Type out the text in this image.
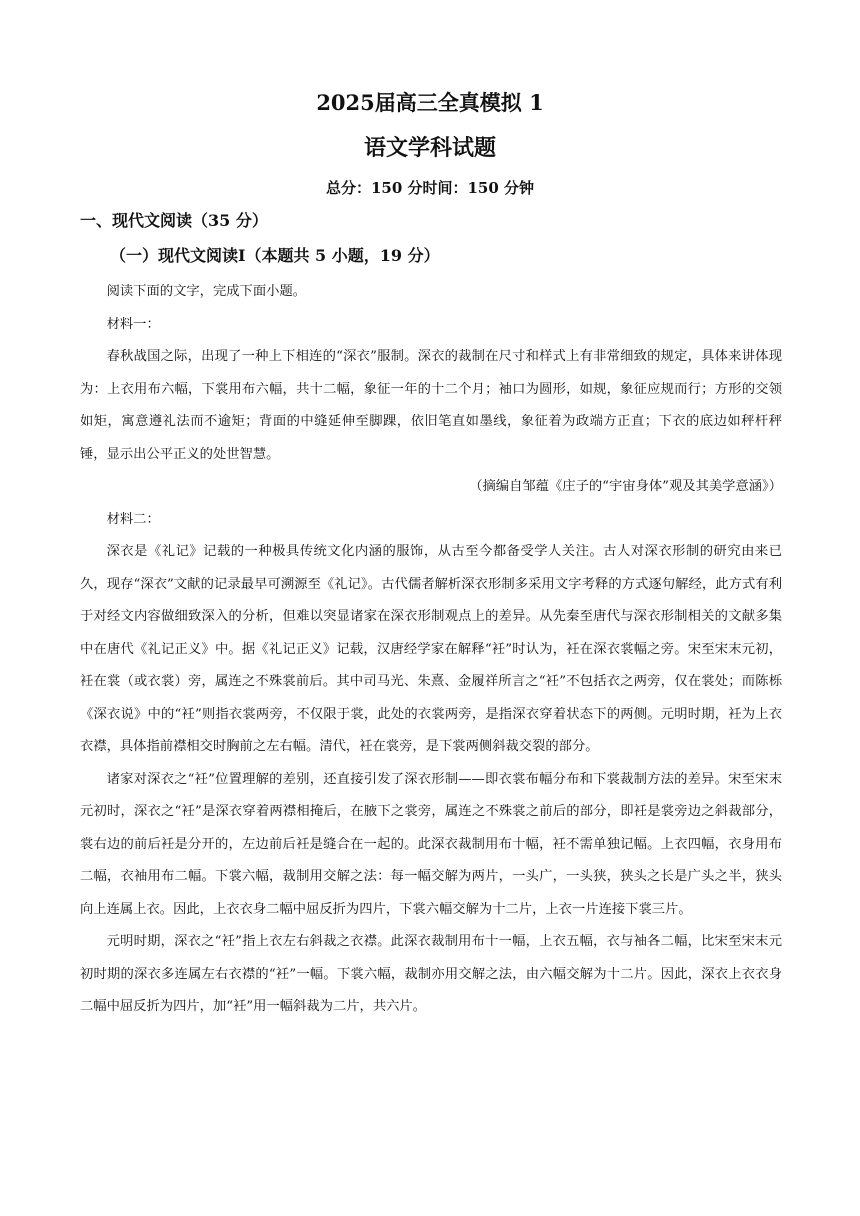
2025届高三全真模拟 1
语文学科试题
总分：150 分时间：150 分钟
一、现代文阅读（35 分）
（一）现代文阅读Ⅰ（本题共 5 小题，19 分）

阅读下面的文字，完成下面小题。

材料一：

春秋战国之际，出现了一种上下相连的“深衣”服制。深衣的裁制在尺寸和样式上有非常细致的规定，具体来讲体现为：上衣用布六幅，下裳用布六幅，共十二幅，象征一年的十二个月；袖口为圆形，如规，象征应规而行；方形的交领如矩，寓意遵礼法而不逾矩；背面的中缝延伸至脚踝，依旧笔直如墨线，象征着为政端方正直；下衣的底边如秤杆秤锤，显示出公平正义的处世智慧。

（摘编自邹蕴《庄子的“宇宙身体”观及其美学意涵》）

材料二：

深衣是《礼记》记载的一种极具传统文化内涵的服饰，从古至今都备受学人关注。古人对深衣形制的研究由来已久，现存“深衣”文献的记录最早可溯源至《礼记》。古代儒者解析深衣形制多采用文字考释的方式逐句解经，此方式有利于对经文内容做细致深入的分析，但难以突显诸家在深衣形制观点上的差异。从先秦至唐代与深衣形制相关的文献多集中在唐代《礼记正义》中。据《礼记正义》记载，汉唐经学家在解释“衽”时认为，衽在深衣裳幅之旁。宋至宋末元初，衽在裳（或衣裳）旁，属连之不殊裳前后。其中司马光、朱熹、金履祥所言之“衽”不包括衣之两旁，仅在裳处；而陈栎《深衣说》中的“衽”则指衣裳两旁，不仅限于裳，此处的衣裳两旁，是指深衣穿着状态下的两侧。元明时期，衽为上衣衣襟，具体指前襟相交时胸前之左右幅。清代，衽在裳旁，是下裳两侧斜裁交裂的部分。

诸家对深衣之“衽”位置理解的差别，还直接引发了深衣形制——即衣裳布幅分布和下裳裁制方法的差异。宋至宋末元初时，深衣之“衽”是深衣穿着两襟相掩后，在腋下之裳旁，属连之不殊裳之前后的部分，即衽是裳旁边之斜裁部分，裳右边的前后衽是分开的，左边前后衽是缝合在一起的。此深衣裁制用布十幅，衽不需单独记幅。上衣四幅，衣身用布二幅，衣袖用布二幅。下裳六幅，裁制用交解之法：每一幅交解为两片，一头广，一头狭，狭头之长是广头之半，狭头向上连属上衣。因此，上衣衣身二幅中屈反折为四片，下裳六幅交解为十二片，上衣一片连接下裳三片。

元明时期，深衣之“衽”指上衣左右斜裁之衣襟。此深衣裁制用布十一幅，上衣五幅，衣与袖各二幅，比宋至宋末元初时期的深衣多连属左右衣襟的“衽”一幅。下裳六幅，裁制亦用交解之法，由六幅交解为十二片。因此，深衣上衣衣身二幅中屈反折为四片，加“衽”用一幅斜裁为二片，共六片。
